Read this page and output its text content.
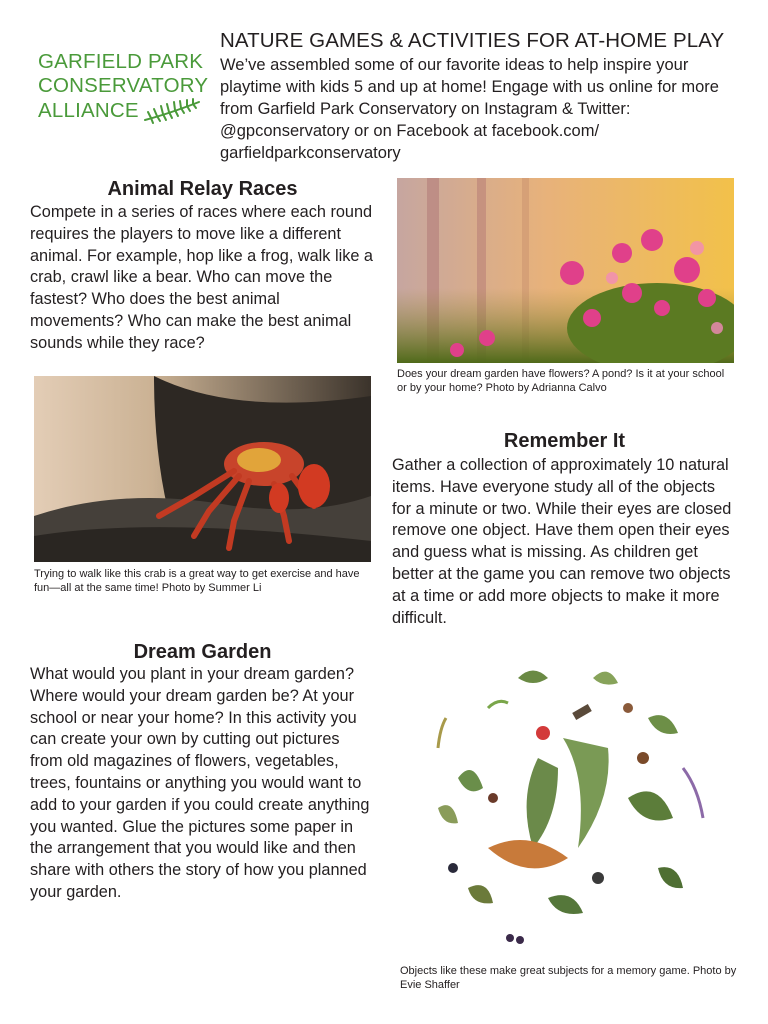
GARFIELD PARK
CONSERVATORY
ALLIANCE
NATURE GAMES & ACTIVITIES FOR AT-HOME PLAY

We’ve assembled some of our favorite ideas to help inspire your playtime with kids 5 and up at home! Engage with us online for more from Garfield Park Conservatory on Instagram & Twitter: @gpconservatory or on Facebook at facebook.com/ garfieldparkconservatory

Animal Relay Races

Compete in a series of races where each round requires the players to move like a different animal. For example, hop like a frog, walk like a crab, crawl like a bear. Who can move the fastest? Who does the best animal movements? Who can make the best animal sounds while they race?

Does your dream garden have flowers? A pond? Is it at your school or by your home? Photo by Adrianna Calvo

Trying to walk like this crab is a great way to get exercise and have fun—all at the same time! Photo by Summer Li

Remember It

Gather a collection of approximately 10 natural items. Have everyone study all of the objects for a minute or two. While their eyes are closed remove one object. Have them open their eyes and guess what is missing. As children get better at the game you can remove two objects at a time or add more objects to make it more difficult.

Dream Garden

What would you plant in your dream garden? Where would your dream garden be? At your school or near your home? In this activity you can create your own by cutting out pictures from old magazines of flowers, vegetables, trees, fountains or anything you would want to add to your garden if you could create anything you wanted. Glue the pictures some paper in the arrangement that you would like and then share with others the story of how you planned your garden.

Objects like these make great subjects for a memory game. Photo by Evie Shaffer
